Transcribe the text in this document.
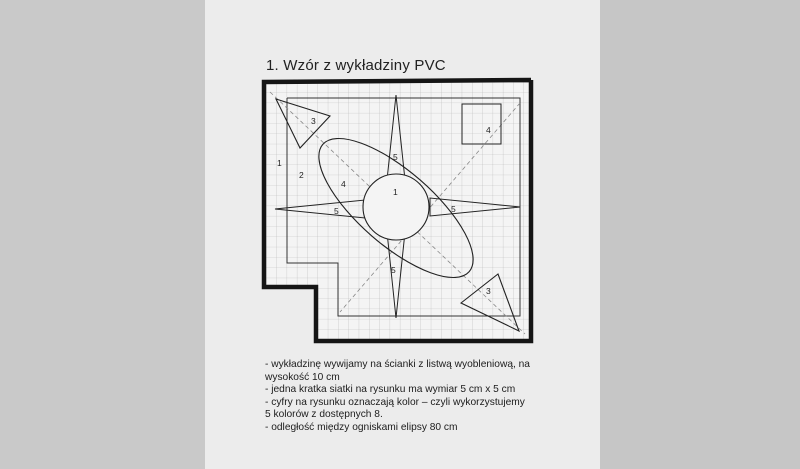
1. Wzór z wykładziny PVC
1
2
1
3
3
4
4
5
5	5
5
- wykładzinę wywijamy na ścianki z listwą wyobleniową, na
wysokość 10 cm
- jedna kratka siatki na rysunku ma wymiar 5 cm x 5 cm
- cyfry na rysunku oznaczają kolor – czyli wykorzystujemy
5 kolorów z dostępnych 8.
- odległość między ogniskami elipsy 80 cm
